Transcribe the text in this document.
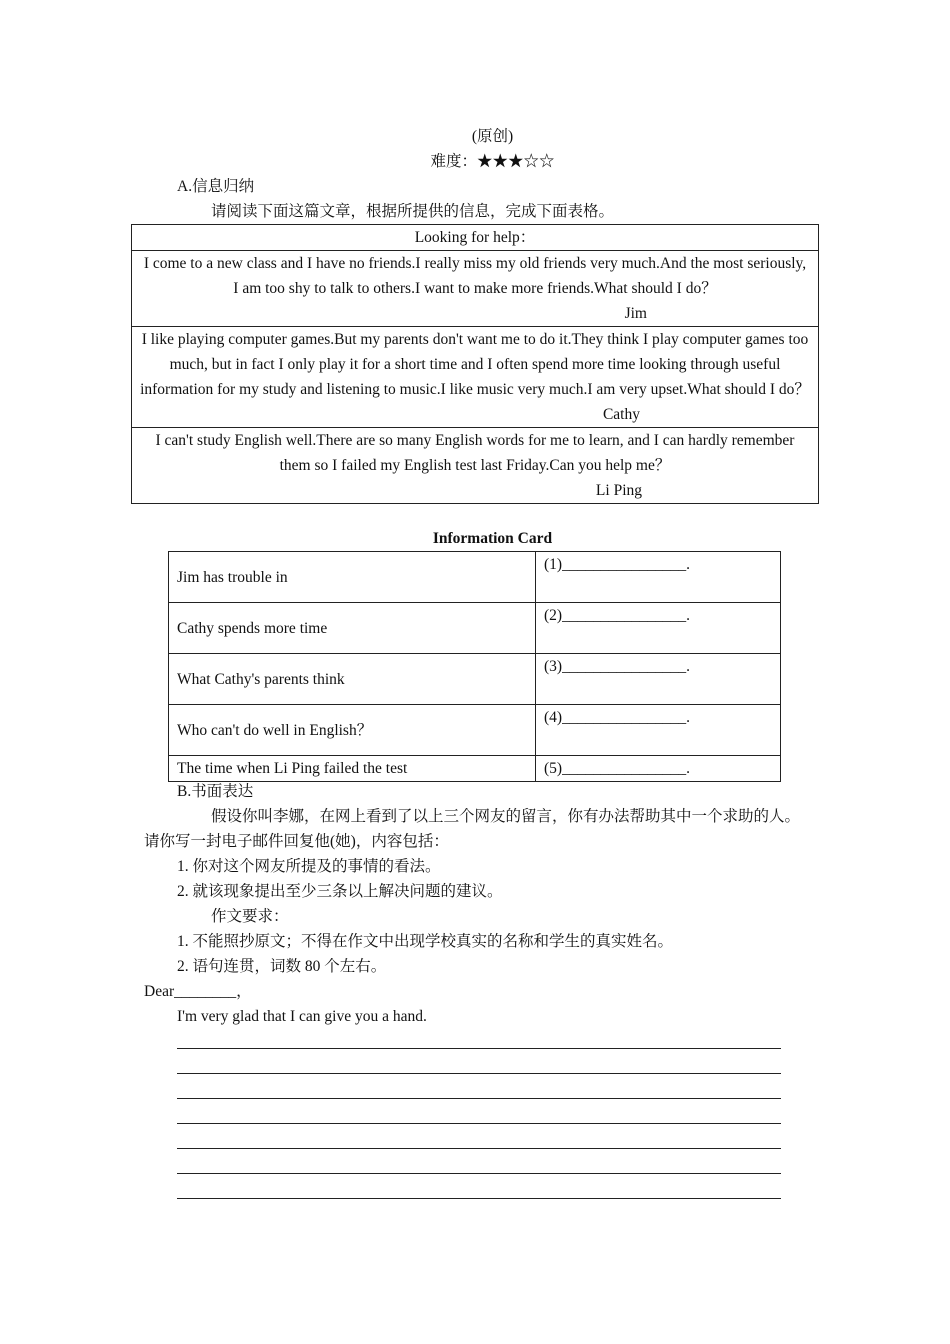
(原创)
难度：★★★☆☆
A.信息归纳
请阅读下面这篇文章，根据所提供的信息，完成下面表格。
Looking for help：

I come to a new class and I have no friends.I really miss my old friends very much.And the most seriously, I am too shy to talk to others.I want to make more friends.What should I do？
Jim

I like playing computer games.But my parents don't want me to do it.They think I play computer games too much, but in fact I only play it for a short time and I often spend more time looking through useful information for my study and listening to music.I like music very much.I am very upset.What should I do？
Cathy

I can't study English well.There are so many English words for me to learn, and I can hardly remember them so I failed my English test last Friday.Can you help me？
Li Ping
Information Card
Jim has trouble in	(1)________________.
Cathy spends more time	(2)________________.
What Cathy's parents think	(3)________________.
Who can't do well in English？	(4)________________.
The time when Li Ping failed the test	(5)________________.
B.书面表达
假设你叫李娜，在网上看到了以上三个网友的留言，你有办法帮助其中一个求助的人。 请你写一封电子邮件回复他(她)，内容包括：
1. 你对这个网友所提及的事情的看法。
2. 就该现象提出至少三条以上解决问题的建议。
作文要求：
1. 不能照抄原文；不得在作文中出现学校真实的名称和学生的真实姓名。
2. 语句连贯，词数 80 个左右。
Dear________，
I'm very glad that I can give you a hand.
